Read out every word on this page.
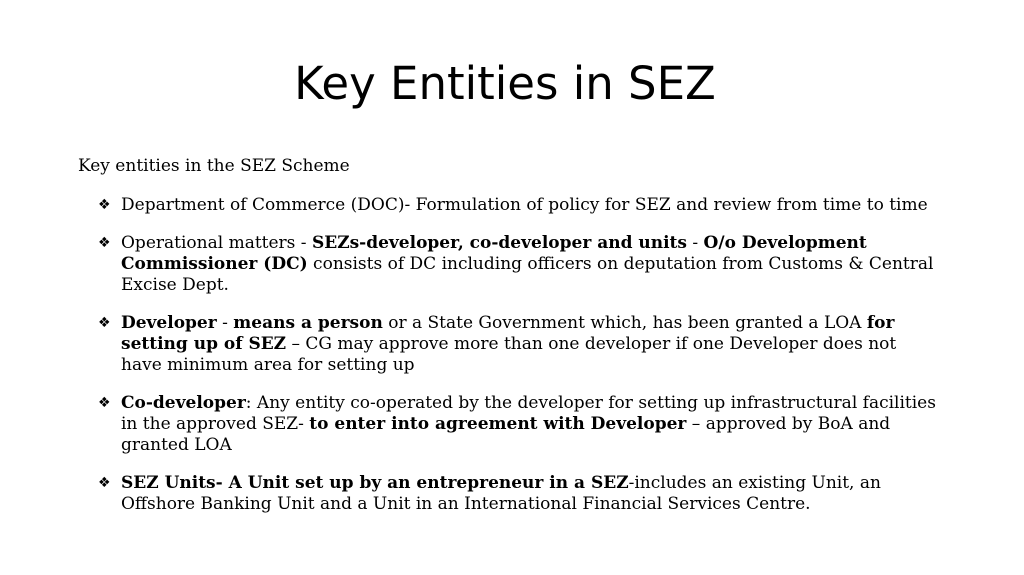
Key Entities in SEZ

Key entities in the SEZ Scheme

❖ Department of Commerce (DOC)- Formulation of policy for SEZ and review from time to time
❖ Operational matters - SEZs-developer, co-developer and units - O/o Development Commissioner (DC) consists of DC including officers on deputation from Customs & Central Excise Dept.
❖ Developer - means a person or a State Government which, has been granted a LOA for setting up of SEZ – CG may approve more than one developer if one Developer does not have minimum area for setting up
❖ Co-developer: Any entity co-operated by the developer for setting up infrastructural facilities in the approved SEZ- to enter into agreement with Developer – approved by BoA and granted LOA
❖ SEZ Units- A Unit set up by an entrepreneur in a SEZ-includes an existing Unit, an Offshore Banking Unit and a Unit in an International Financial Services Centre.
